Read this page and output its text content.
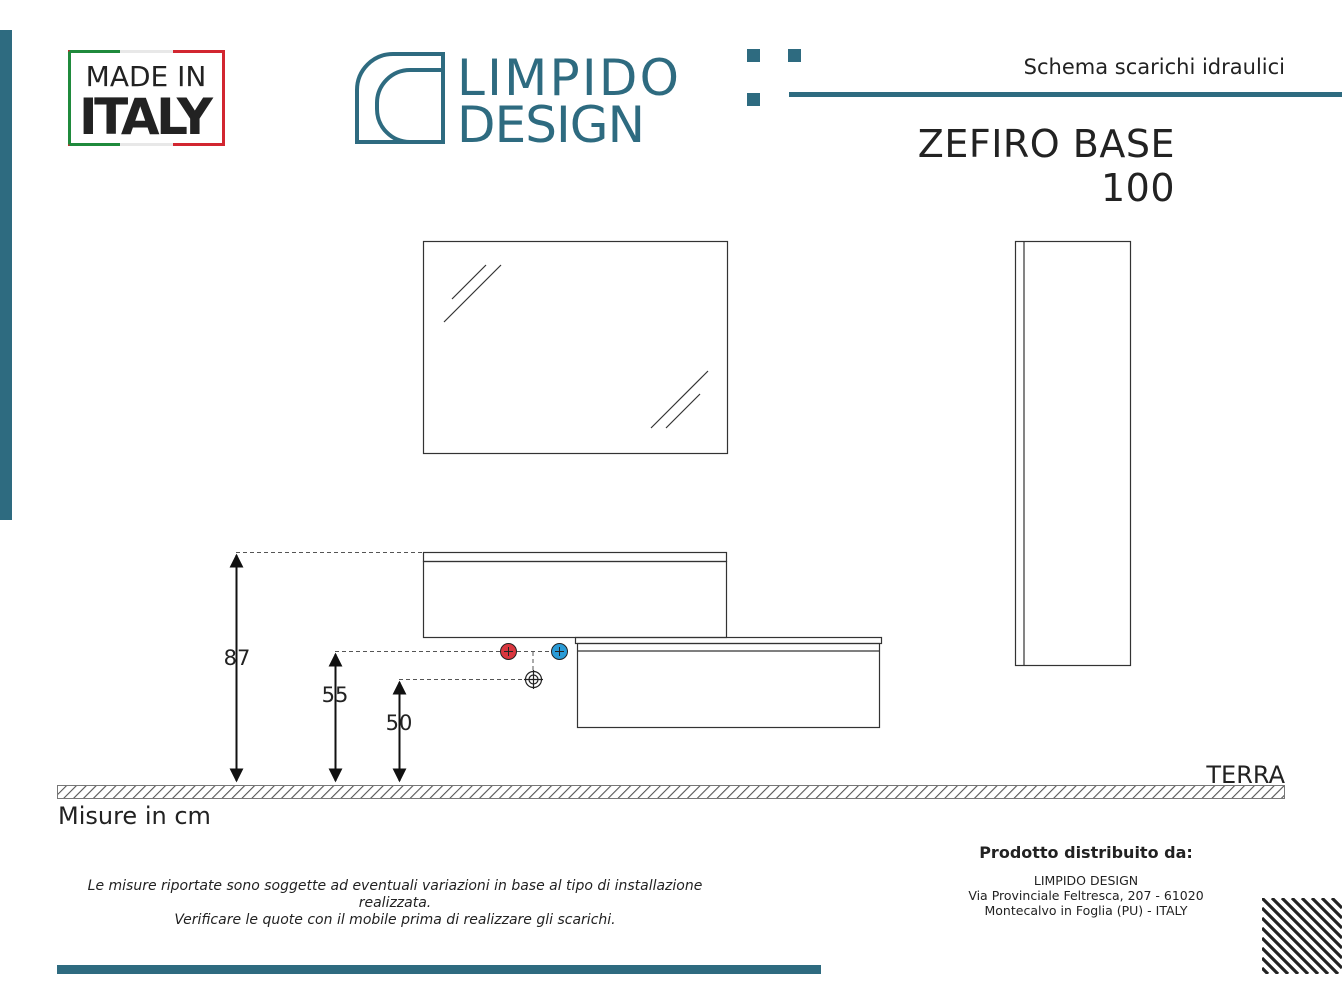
MADE IN
ITALY
LIMPIDO
DESIGN
Schema scarichi idraulici
ZEFIRO BASE 100
87
55
50
TERRA
Misure in cm
Le misure riportate sono soggette ad eventuali variazioni in base al tipo di installazione realizzata.
Verificare le quote con il mobile prima di realizzare gli scarichi.
Prodotto distribuito da:
LIMPIDO DESIGN
Via Provinciale Feltresca, 207 - 61020
Montecalvo in Foglia (PU) - ITALY
